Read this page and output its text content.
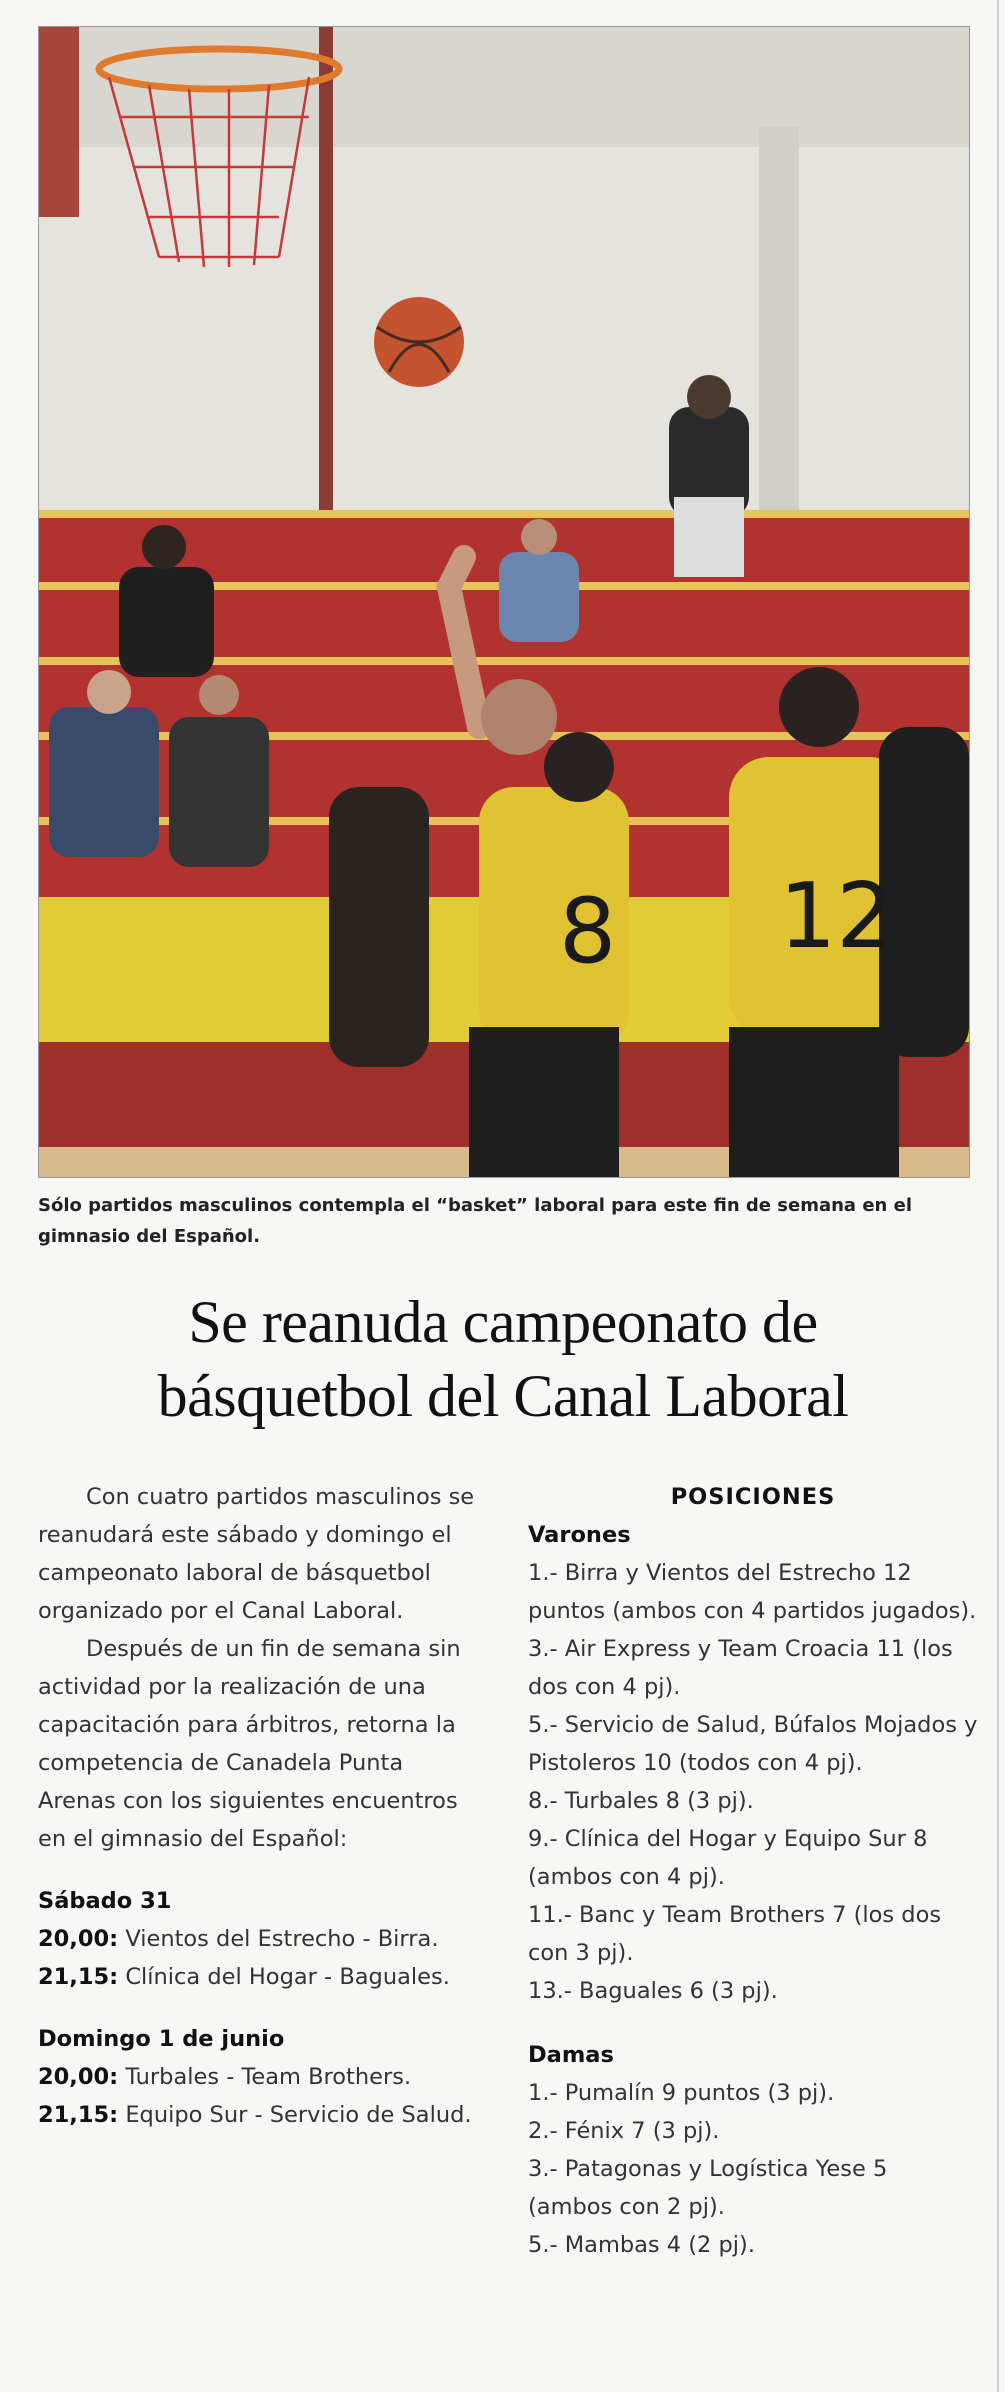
8 12
Sólo partidos masculinos contempla el “basket” laboral para este fin de semana en el gimnasio del Español.
Se reanuda campeonato de
básquetbol del Canal Laboral

Con cuatro partidos masculinos se reanudará este sábado y domingo el campeonato laboral de básquetbol organizado por el Canal Laboral.

Después de un fin de semana sin actividad por la realización de una capacitación para árbitros, retorna la competencia de Canadela Punta Arenas con los siguientes encuentros en el gimnasio del Español:

Sábado 31
20,00: Vientos del Estrecho - Birra.
21,15: Clínica del Hogar - Baguales.
Domingo 1 de junio
20,00: Turbales - Team Brothers.
21,15: Equipo Sur - Servicio de Salud.
POSICIONES
Varones
1.- Birra y Vientos del Estrecho 12 puntos (ambos con 4 partidos jugados).
3.- Air Express y Team Croacia 11 (los dos con 4 pj).
5.- Servicio de Salud, Búfalos Mojados y Pistoleros 10 (todos con 4 pj).
8.- Turbales 8 (3 pj).
9.- Clínica del Hogar y Equipo Sur 8 (ambos con 4 pj).
11.- Banc y Team Brothers 7 (los dos con 3 pj).
13.- Baguales 6 (3 pj).
Damas
1.- Pumalín 9 puntos (3 pj).
2.- Fénix 7 (3 pj).
3.- Patagonas y Logística Yese 5 (ambos con 2 pj).
5.- Mambas 4 (2 pj).
